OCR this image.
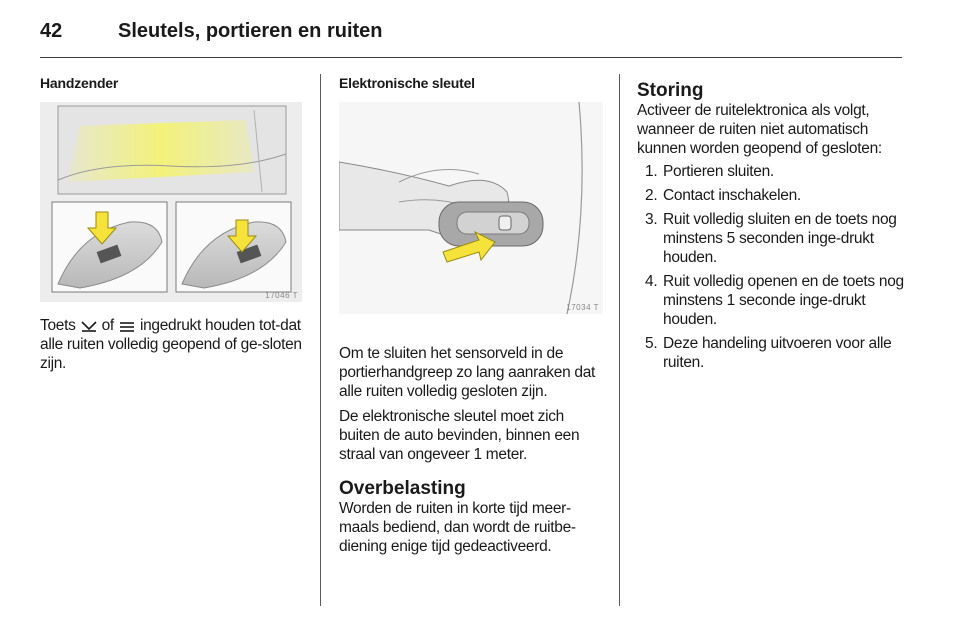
42	Sleutels, portieren en ruiten
Handzender
17046 T
Toets of ingedrukt houden tot-dat alle ruiten volledig geopend of ge-sloten zijn.
Elektronische sleutel
17034 T
Om te sluiten het sensorveld in de portierhandgreep zo lang aanraken dat alle ruiten volledig gesloten zijn.
De elektronische sleutel moet zich buiten de auto bevinden, binnen een straal van ongeveer 1 meter.
Overbelasting
Worden de ruiten in korte tijd meer-maals bediend, dan wordt de ruitbe-diening enige tijd gedeactiveerd.
Storing
Activeer de ruitelektronica als volgt, wanneer de ruiten niet automatisch kunnen worden geopend of gesloten:
1. Portieren sluiten.
2. Contact inschakelen.
3. Ruit volledig sluiten en de toets nog minstens 5 seconden inge-drukt houden.
4. Ruit volledig openen en de toets nog minstens 1 seconde inge-drukt houden.
5. Deze handeling uitvoeren voor alle ruiten.
